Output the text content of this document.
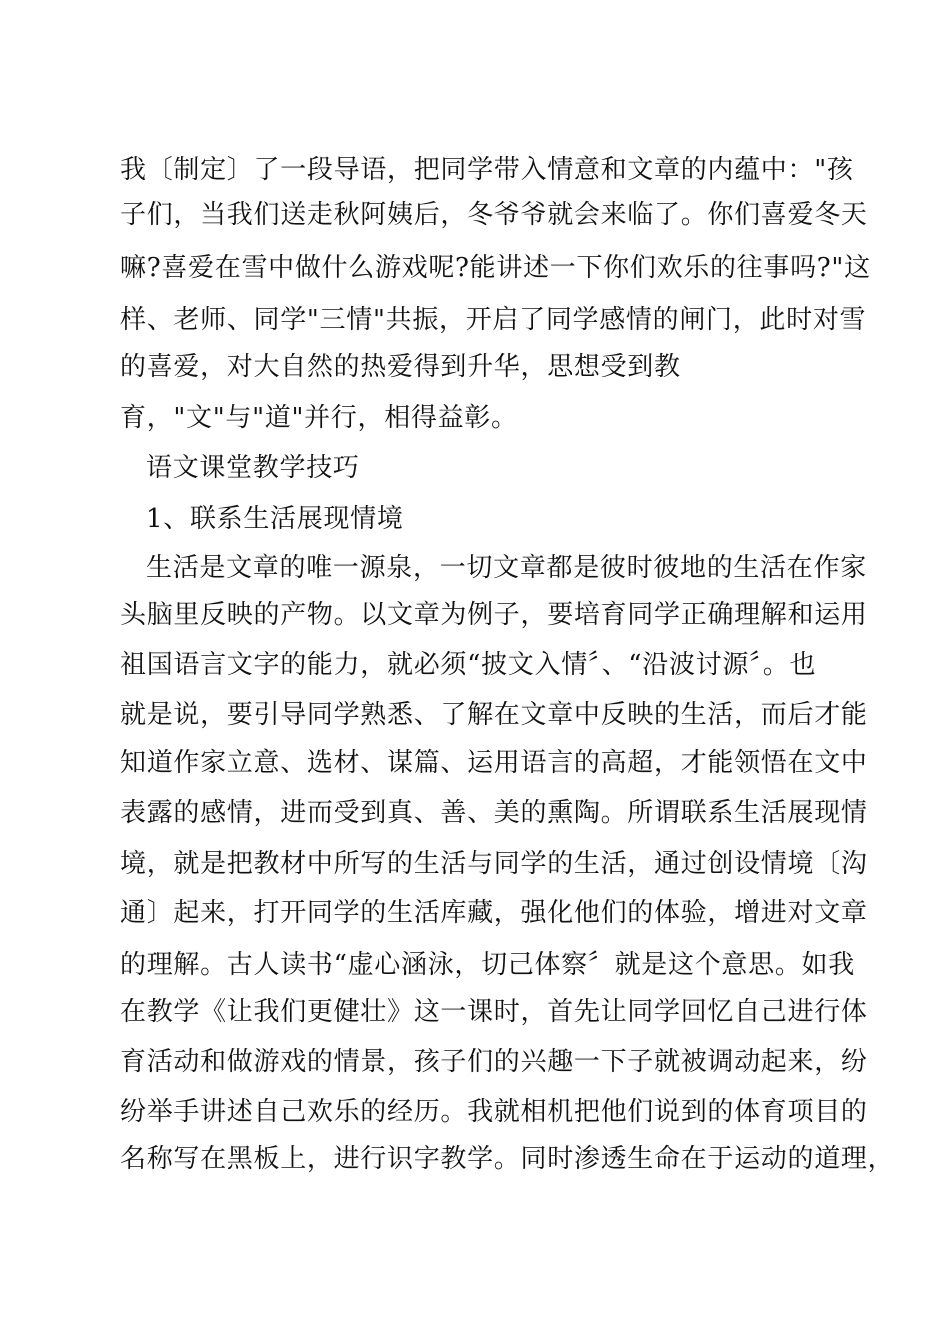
我〔制定〕了一段导语，把同学带入情意和文章的内蕴中："孩
子们，当我们送走秋阿姨后，冬爷爷就会来临了。你们喜爱冬天
嘛?喜爱在雪中做什么游戏呢?能讲述一下你们欢乐的往事吗?"这
样、老师、同学"三情"共振，开启了同学感情的闸门，此时对雪
的喜爱，对大自然的热爱得到升华，思想受到教
育，"文"与"道"并行，相得益彰。
语文课堂教学技巧
1、联系生活展现情境
生活是文章的唯一源泉，一切文章都是彼时彼地的生活在作家
头脑里反映的产物。以文章为例子，要培育同学正确理解和运用
祖国语言文字的能力，就必须“披文入情〞、“沿波讨源〞。也
就是说，要引导同学熟悉、了解在文章中反映的生活，而后才能
知道作家立意、选材、谋篇、运用语言的高超，才能领悟在文中
表露的感情，进而受到真、善、美的熏陶。所谓联系生活展现情
境，就是把教材中所写的生活与同学的生活，通过创设情境〔沟
通〕起来，打开同学的生活库藏，强化他们的体验，增进对文章
的理解。古人读书“虚心涵泳，切己体察〞就是这个意思。如我
在教学《让我们更健壮》这一课时，首先让同学回忆自己进行体
育活动和做游戏的情景，孩子们的兴趣一下子就被调动起来，纷
纷举手讲述自己欢乐的经历。我就相机把他们说到的体育项目的
名称写在黑板上，进行识字教学。同时渗透生命在于运动的道理，
